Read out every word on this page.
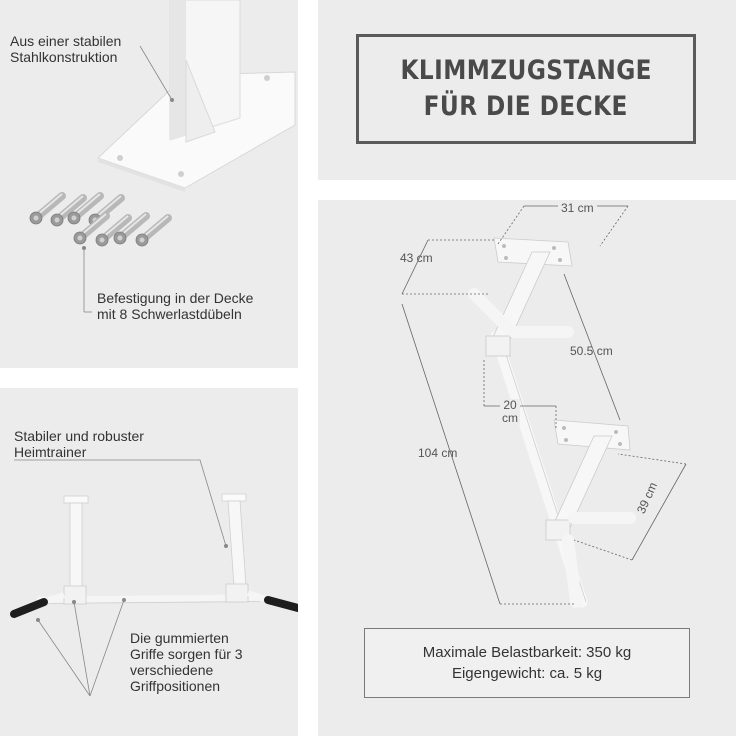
Aus einer stabilen
Stahlkonstruktion
Befestigung in der Decke
mit 8 Schwerlastdübeln
KLIMMZUGSTANGE
FÜR DIE DECKE
Stabiler und robuster
Heimtrainer
Die gummierten
Griffe sorgen für 3
verschiedene
Griffpositionen
31 cm
43 cm
50.5 cm
20
cm
104 cm
39 cm
Maximale Belastbarkeit: 350 kg
Eigengewicht: ca. 5 kg
